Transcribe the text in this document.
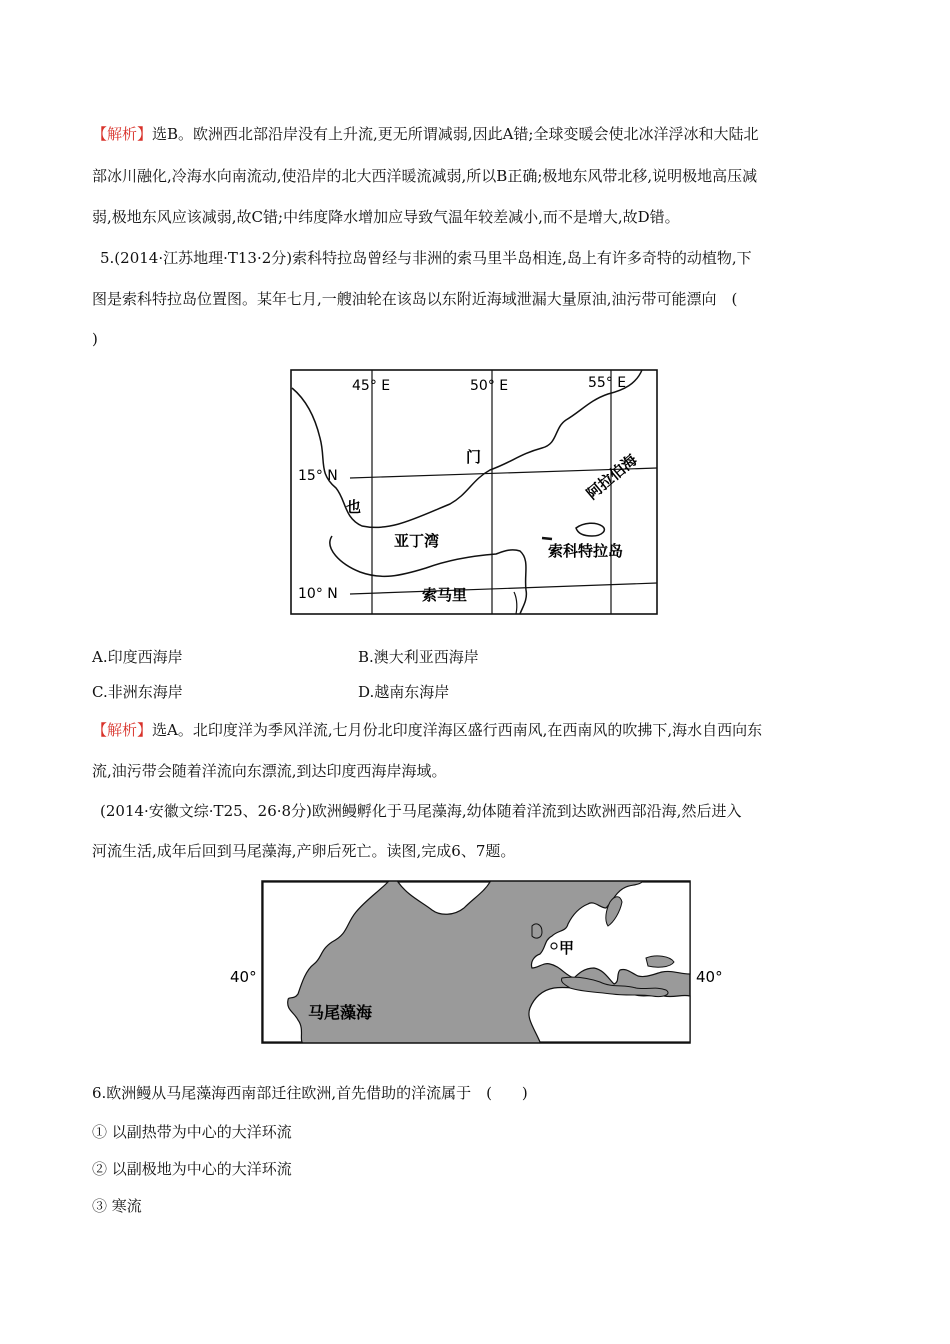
【解析】选B。欧洲西北部沿岸没有上升流,更无所谓减弱,因此A错;全球变暖会使北冰洋浮冰和大陆北
部冰川融化,冷海水向南流动,使沿岸的北大西洋暖流减弱,所以B正确;极地东风带北移,说明极地高压减
弱,极地东风应该减弱,故C错;中纬度降水增加应导致气温年较差减小,而不是增大,故D错。
5.(2014·江苏地理·T13·2分)索科特拉岛曾经与非洲的索马里半岛相连,岛上有许多奇特的动植物,下
图是索科特拉岛位置图。某年七月,一艘油轮在该岛以东附近海域泄漏大量原油,油污带可能漂向　(
)
45° E	50° E	55° E
15° N
10° N
门	阿拉伯海
也
亚丁湾
索科特拉岛
索马里
A.印度西海岸	B.澳大利亚西海岸
C.非洲东海岸	D.越南东海岸
【解析】选A。北印度洋为季风洋流,七月份北印度洋海区盛行西南风,在西南风的吹拂下,海水自西向东
流,油污带会随着洋流向东漂流,到达印度西海岸海域。
(2014·安徽文综·T25、26·8分)欧洲鳗孵化于马尾藻海,幼体随着洋流到达欧洲西部沿海,然后进入
河流生活,成年后回到马尾藻海,产卵后死亡。读图,完成6、7题。
甲
马尾藻海
40°	40°
6.欧洲鳗从马尾藻海西南部迁往欧洲,首先借助的洋流属于　(　　)
① 以副热带为中心的大洋环流
② 以副极地为中心的大洋环流
③ 寒流
